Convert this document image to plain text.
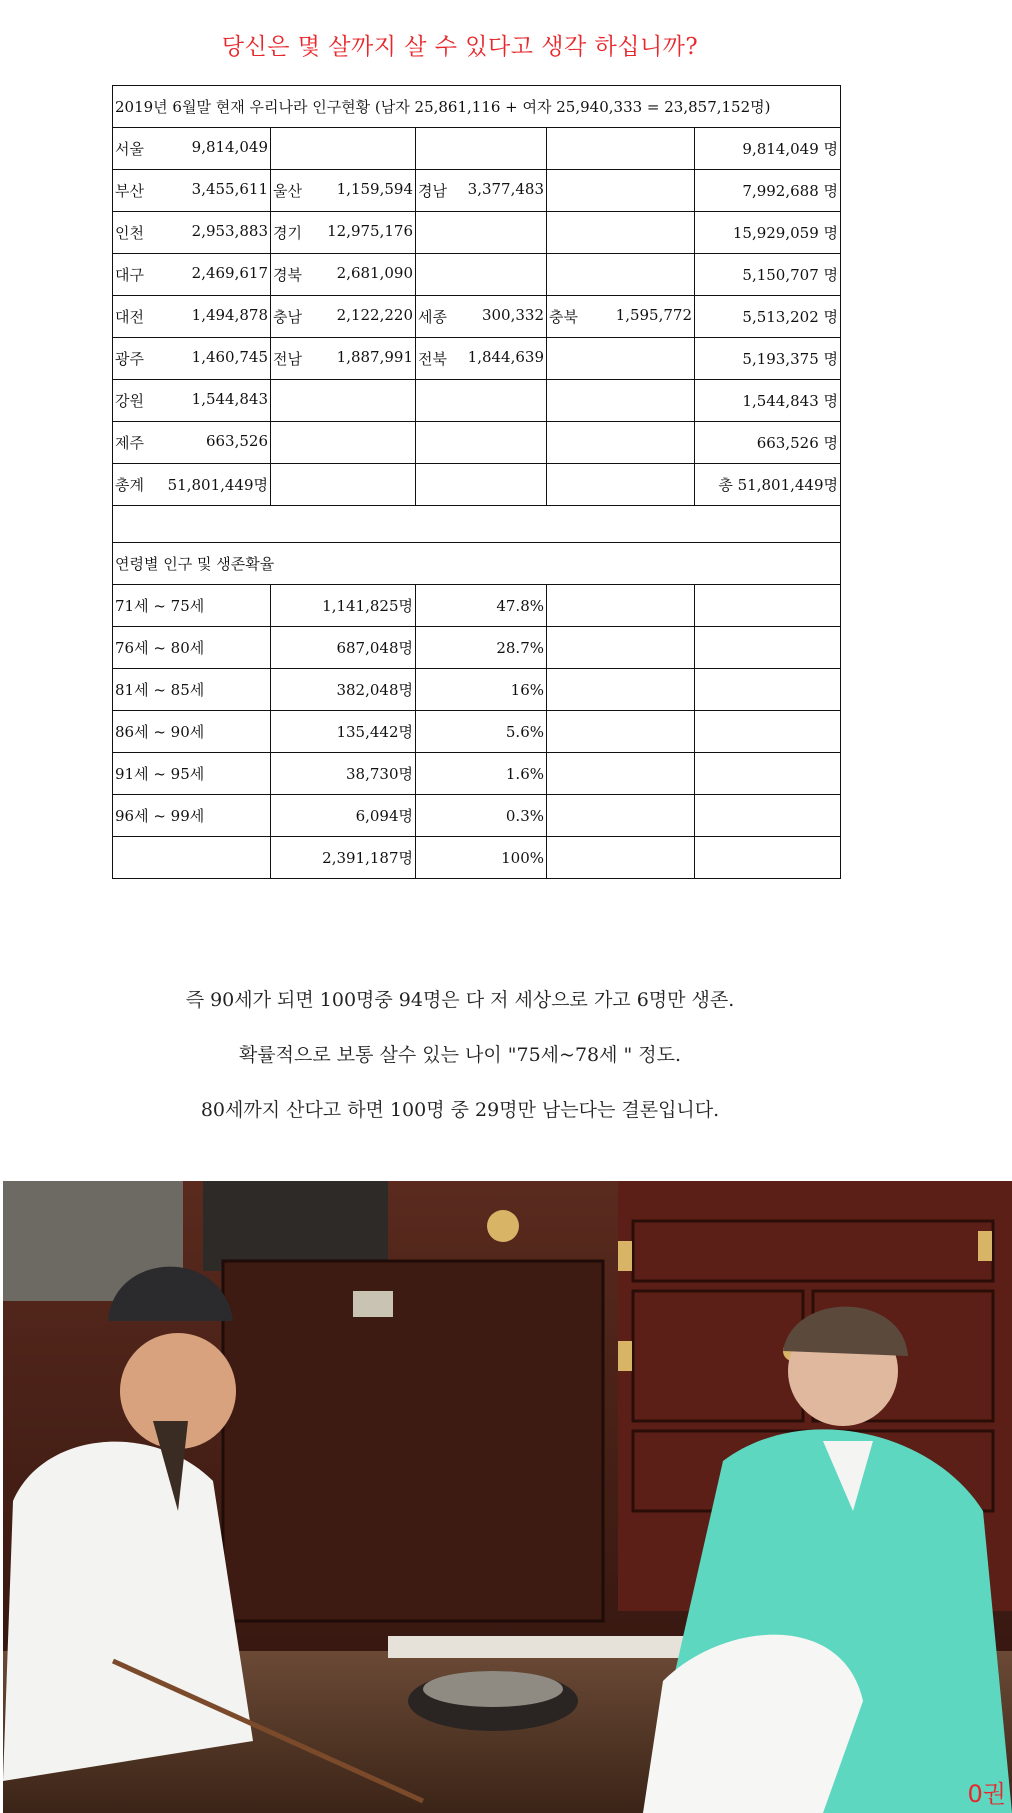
당신은 몇 살까지 살 수 있다고 생각 하십니까?
2019년 6월말 현재 우리나라 인구현황 (남자 25,861,116 + 여자 25,940,333 = 23,857,152명)				
서울 9,814,049				9,814,049 명
부산 3,455,611	울산 1,159,594	경남 3,377,483		7,992,688 명
인천 2,953,883	경기 12,975,176			15,929,059 명
대구 2,469,617	경북 2,681,090			5,150,707 명
대전 1,494,878	충남 2,122,220	세종 300,332	충북 1,595,772	5,513,202 명
광주 1,460,745	전남 1,887,991	전북 1,844,639		5,193,375 명
강원 1,544,843				1,544,843 명
제주 663,526				663,526 명
총계 51,801,449명				총 51,801,449명

연령별 인구 및 생존확율				
71세 ~ 75세	1,141,825명	47.8%		
76세 ~ 80세	687,048명	28.7%		
81세 ~ 85세	382,048명	16%		
86세 ~ 90세	135,442명	5.6%		
91세 ~ 95세	38,730명	1.6%		
96세 ~ 99세	6,094명	0.3%		
	2,391,187명	100%		
즉 90세가 되면 100명중 94명은 다 저 세상으로 가고 6명만 생존.
확률적으로 보통 살수 있는 나이 "75세~78세 " 정도.
80세까지 산다고 하면 100명 중 29명만 남는다는 결론입니다.
0권
